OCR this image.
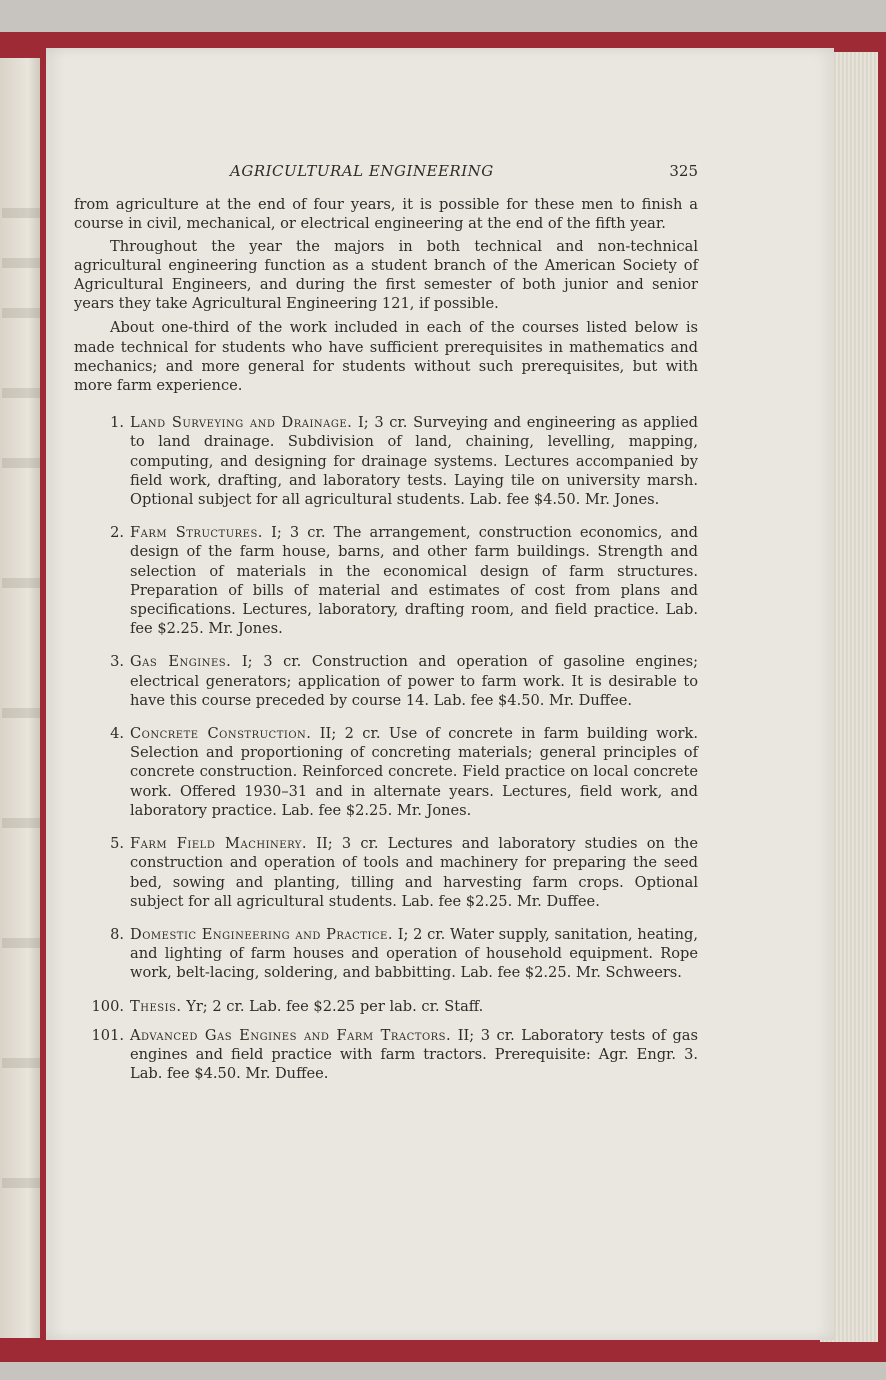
AGRICULTURAL ENGINEERING	325

from agriculture at the end of four years, it is possible for these men to finish a course in civil, mechanical, or electrical engineering at the end of the fifth year.

Throughout the year the majors in both technical and non-technical agricultural engineering function as a student branch of the American Society of Agricultural Engineers, and during the first semester of both junior and senior years they take Agricultural Engineering 121, if possible.

About one-third of the work included in each of the courses listed below is made technical for students who have sufficient prerequisites in mathematics and mechanics; and more general for students without such prerequisites, but with more farm experience.

1. Land Surveying and Drainage. I; 3 cr. Surveying and engineering as applied to land drainage. Subdivision of land, chaining, levelling, mapping, computing, and designing for drainage systems. Lectures accompanied by field work, drafting, and laboratory tests. Laying tile on university marsh. Optional subject for all agricultural students. Lab. fee $4.50. Mr. Jones.
2. Farm Structures. I; 3 cr. The arrangement, construction economics, and design of the farm house, barns, and other farm buildings. Strength and selection of materials in the economical design of farm structures. Preparation of bills of material and estimates of cost from plans and specifications. Lectures, laboratory, drafting room, and field practice. Lab. fee $2.25. Mr. Jones.
3. Gas Engines. I; 3 cr. Construction and operation of gasoline engines; electrical generators; application of power to farm work. It is desirable to have this course preceded by course 14. Lab. fee $4.50. Mr. Duffee.
4. Concrete Construction. II; 2 cr. Use of concrete in farm building work. Selection and proportioning of concreting materials; general principles of concrete construction. Reinforced concrete. Field practice on local concrete work. Offered 1930–31 and in alternate years. Lectures, field work, and laboratory practice. Lab. fee $2.25. Mr. Jones.
5. Farm Field Machinery. II; 3 cr. Lectures and laboratory studies on the construction and operation of tools and machinery for preparing the seed bed, sowing and planting, tilling and harvesting farm crops. Optional subject for all agricultural students. Lab. fee $2.25. Mr. Duffee.
8. Domestic Engineering and Practice. I; 2 cr. Water supply, sanitation, heating, and lighting of farm houses and operation of household equipment. Rope work, belt-lacing, soldering, and babbitting. Lab. fee $2.25. Mr. Schweers.
100. Thesis. Yr; 2 cr. Lab. fee $2.25 per lab. cr. Staff.
101. Advanced Gas Engines and Farm Tractors. II; 3 cr. Laboratory tests of gas engines and field practice with farm tractors. Prerequisite: Agr. Engr. 3. Lab. fee $4.50. Mr. Duffee.
